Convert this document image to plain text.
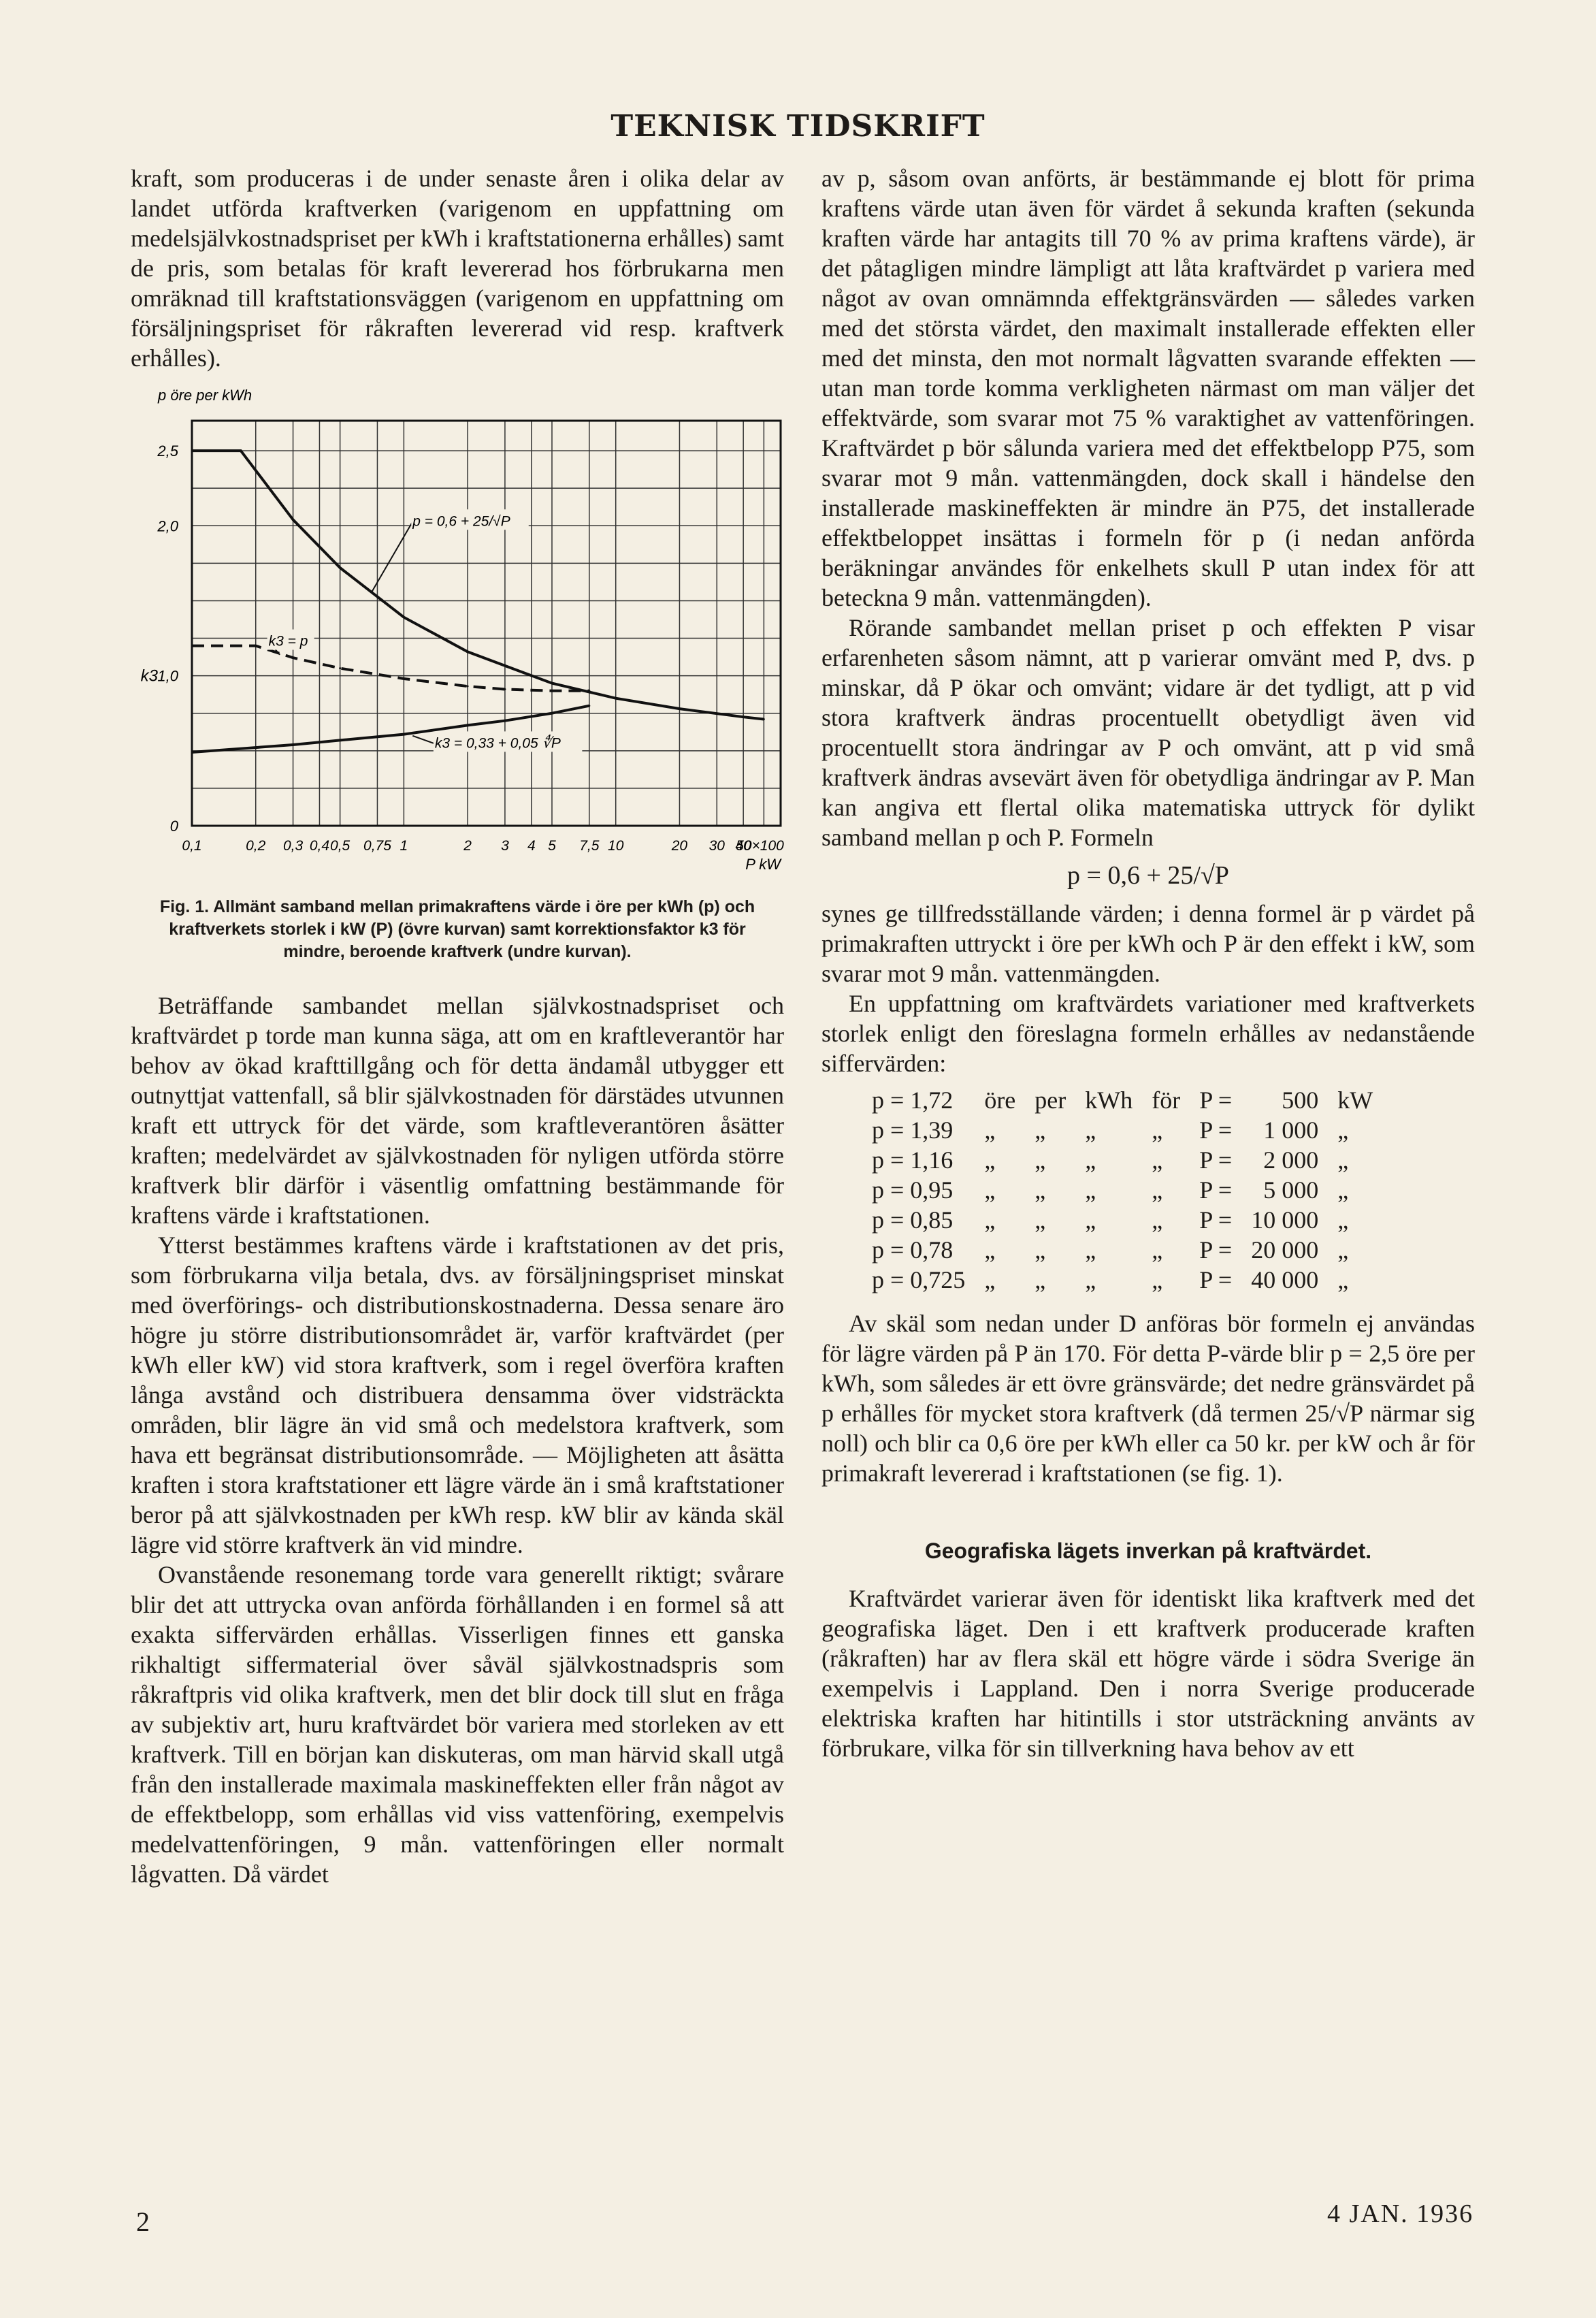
TEKNISK TIDSKRIFT

kraft, som produceras i de under senaste åren i olika delar av landet utförda kraftverken (varigenom en uppfattning om medelsjälvkostnadspriset per kWh i kraftstationerna erhålles) samt de pris, som betalas för kraft levererad hos förbrukarna men omräknad till kraftstationsväggen (varigenom en uppfattning om försäljningspriset för råkraften levererad vid resp. kraftverk erhålles).

0,1	0,2 0,3 0,4 0,5 0,75 1	2 3 4 5 7,5 10	20 30 40
50×100
0
1,0
2,0
2,5
p öre per kWh
k3
P kW
p = 0,6 + 25/√P
k3 = p
k3 = 0,33 + 0,05 ∜P
Fig. 1. Allmänt samband mellan primakraftens värde i öre per kWh (p) och kraftverkets storlek i kW (P) (övre kurvan) samt korrektionsfaktor k3 för mindre, beroende kraftverk (undre kurvan).

Beträffande sambandet mellan självkostnadspriset och kraftvärdet p torde man kunna säga, att om en kraftleverantör har behov av ökad krafttillgång och för detta ändamål utbygger ett outnyttjat vattenfall, så blir självkostnaden för därstädes utvunnen kraft ett uttryck för det värde, som kraftleverantören åsätter kraften; medelvärdet av självkostnaden för nyligen utförda större kraftverk blir därför i väsentlig omfattning bestämmande för kraftens värde i kraftstationen.

Ytterst bestämmes kraftens värde i kraftstationen av det pris, som förbrukarna vilja betala, dvs. av försäljningspriset minskat med överförings- och distributionskostnaderna. Dessa senare äro högre ju större distributionsområdet är, varför kraftvärdet (per kWh eller kW) vid stora kraftverk, som i regel överföra kraften långa avstånd och distribuera densamma över vidsträckta områden, blir lägre än vid små och medelstora kraftverk, som hava ett begränsat distributionsområde. — Möjligheten att åsätta kraften i stora kraftstationer ett lägre värde än i små kraftstationer beror på att självkostnaden per kWh resp. kW blir av kända skäl lägre vid större kraftverk än vid mindre.

Ovanstående resonemang torde vara generellt riktigt; svårare blir det att uttrycka ovan anförda förhållanden i en formel så att exakta siffervärden erhållas. Visserligen finnes ett ganska rikhaltigt siffermaterial över såväl självkostnadspris som råkraftpris vid olika kraftverk, men det blir dock till slut en fråga av subjektiv art, huru kraftvärdet bör variera med storleken av ett kraftverk. Till en början kan diskuteras, om man härvid skall utgå från den installerade maximala maskineffekten eller från något av de effektbelopp, som erhållas vid viss vattenföring, exempelvis medelvattenföringen, 9 mån. vattenföringen eller normalt lågvatten. Då värdet

av p, såsom ovan anförts, är bestämmande ej blott för prima kraftens värde utan även för värdet å sekunda kraften (sekunda kraften värde har antagits till 70 % av prima kraftens värde), är det påtagligen mindre lämpligt att låta kraftvärdet p variera med något av ovan omnämnda effektgränsvärden — således varken med det största värdet, den maximalt installerade effekten eller med det minsta, den mot normalt lågvatten svarande effekten — utan man torde komma verkligheten närmast om man väljer det effektvärde, som svarar mot 75 % varaktighet av vattenföringen. Kraftvärdet p bör sålunda variera med det effektbelopp P75, som svarar mot 9 mån. vattenmängden, dock skall i händelse den installerade maskineffekten är mindre än P75, det installerade effektbeloppet insättas i formeln för p (i nedan anförda beräkningar användes för enkelhets skull P utan index för att beteckna 9 mån. vattenmängden).

Rörande sambandet mellan priset p och effekten P visar erfarenheten såsom nämnt, att p varierar omvänt med P, dvs. p minskar, då P ökar och omvänt; vidare är det tydligt, att p vid stora kraftverk ändras procentuellt obetydligt även vid procentuellt stora ändringar av P och omvänt, att p vid små kraftverk ändras avsevärt även för obetydliga ändringar av P. Man kan angiva ett flertal olika matematiska uttryck för dylikt samband mellan p och P. Formeln

p = 0,6 + 25/√P

synes ge tillfredsställande värden; i denna formel är p värdet på primakraften uttryckt i öre per kWh och P är den effekt i kW, som svarar mot 9 mån. vattenmängden.

En uppfattning om kraftvärdets variationer med kraftverkets storlek enligt den föreslagna formeln erhålles av nedanstående siffervärden:

p = 1,72	öre	per	kWh	för	P =	500	kW
p = 1,39	„	„	„	„	P =	1 000	„
p = 1,16	„	„	„	„	P =	2 000	„
p = 0,95	„	„	„	„	P =	5 000	„
p = 0,85	„	„	„	„	P =	10 000	„
p = 0,78	„	„	„	„	P =	20 000	„
p = 0,725	„	„	„	„	P =	40 000	„

Av skäl som nedan under D anföras bör formeln ej användas för lägre värden på P än 170. För detta P-värde blir p = 2,5 öre per kWh, som således är ett övre gränsvärde; det nedre gränsvärdet på p erhålles för mycket stora kraftverk (då termen 25/√P närmar sig noll) och blir ca 0,6 öre per kWh eller ca 50 kr. per kW och år för primakraft levererad i kraftstationen (se fig. 1).

Geografiska lägets inverkan på kraftvärdet.

Kraftvärdet varierar även för identiskt lika kraftverk med det geografiska läget. Den i ett kraftverk producerade kraften (råkraften) har av flera skäl ett högre värde i södra Sverige än exempelvis i Lappland. Den i norra Sverige producerade elektriska kraften har hitintills i stor utsträckning använts av förbrukare, vilka för sin tillverkning hava behov av ett

2	4 JAN. 1936
